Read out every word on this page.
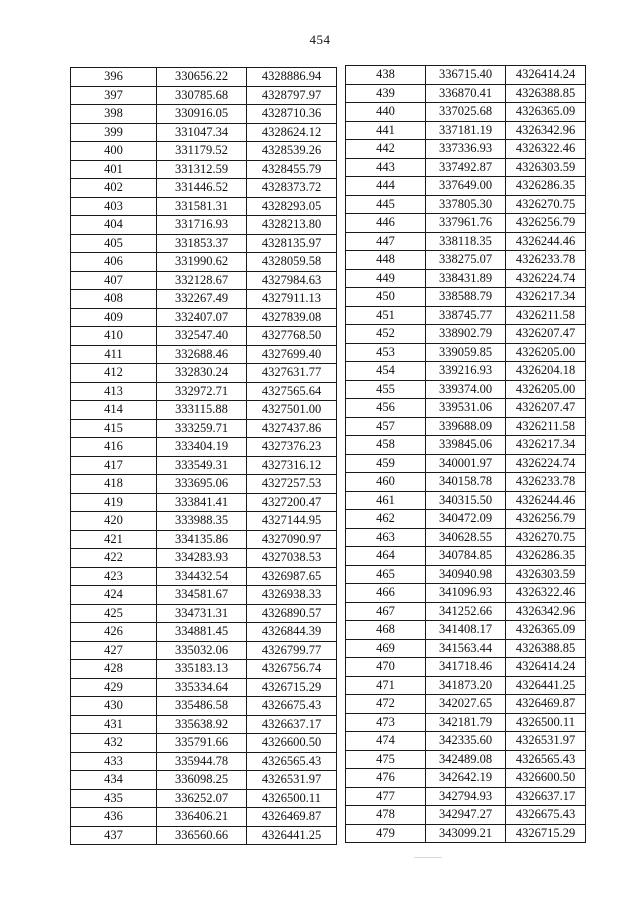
454
396	330656.22	4328886.94
397	330785.68	4328797.97
398	330916.05	4328710.36
399	331047.34	4328624.12
400	331179.52	4328539.26
401	331312.59	4328455.79
402	331446.52	4328373.72
403	331581.31	4328293.05
404	331716.93	4328213.80
405	331853.37	4328135.97
406	331990.62	4328059.58
407	332128.67	4327984.63
408	332267.49	4327911.13
409	332407.07	4327839.08
410	332547.40	4327768.50
411	332688.46	4327699.40
412	332830.24	4327631.77
413	332972.71	4327565.64
414	333115.88	4327501.00
415	333259.71	4327437.86
416	333404.19	4327376.23
417	333549.31	4327316.12
418	333695.06	4327257.53
419	333841.41	4327200.47
420	333988.35	4327144.95
421	334135.86	4327090.97
422	334283.93	4327038.53
423	334432.54	4326987.65
424	334581.67	4326938.33
425	334731.31	4326890.57
426	334881.45	4326844.39
427	335032.06	4326799.77
428	335183.13	4326756.74
429	335334.64	4326715.29
430	335486.58	4326675.43
431	335638.92	4326637.17
432	335791.66	4326600.50
433	335944.78	4326565.43
434	336098.25	4326531.97
435	336252.07	4326500.11
436	336406.21	4326469.87
437	336560.66	4326441.25
438	336715.40	4326414.24
439	336870.41	4326388.85
440	337025.68	4326365.09
441	337181.19	4326342.96
442	337336.93	4326322.46
443	337492.87	4326303.59
444	337649.00	4326286.35
445	337805.30	4326270.75
446	337961.76	4326256.79
447	338118.35	4326244.46
448	338275.07	4326233.78
449	338431.89	4326224.74
450	338588.79	4326217.34
451	338745.77	4326211.58
452	338902.79	4326207.47
453	339059.85	4326205.00
454	339216.93	4326204.18
455	339374.00	4326205.00
456	339531.06	4326207.47
457	339688.09	4326211.58
458	339845.06	4326217.34
459	340001.97	4326224.74
460	340158.78	4326233.78
461	340315.50	4326244.46
462	340472.09	4326256.79
463	340628.55	4326270.75
464	340784.85	4326286.35
465	340940.98	4326303.59
466	341096.93	4326322.46
467	341252.66	4326342.96
468	341408.17	4326365.09
469	341563.44	4326388.85
470	341718.46	4326414.24
471	341873.20	4326441.25
472	342027.65	4326469.87
473	342181.79	4326500.11
474	342335.60	4326531.97
475	342489.08	4326565.43
476	342642.19	4326600.50
477	342794.93	4326637.17
478	342947.27	4326675.43
479	343099.21	4326715.29
